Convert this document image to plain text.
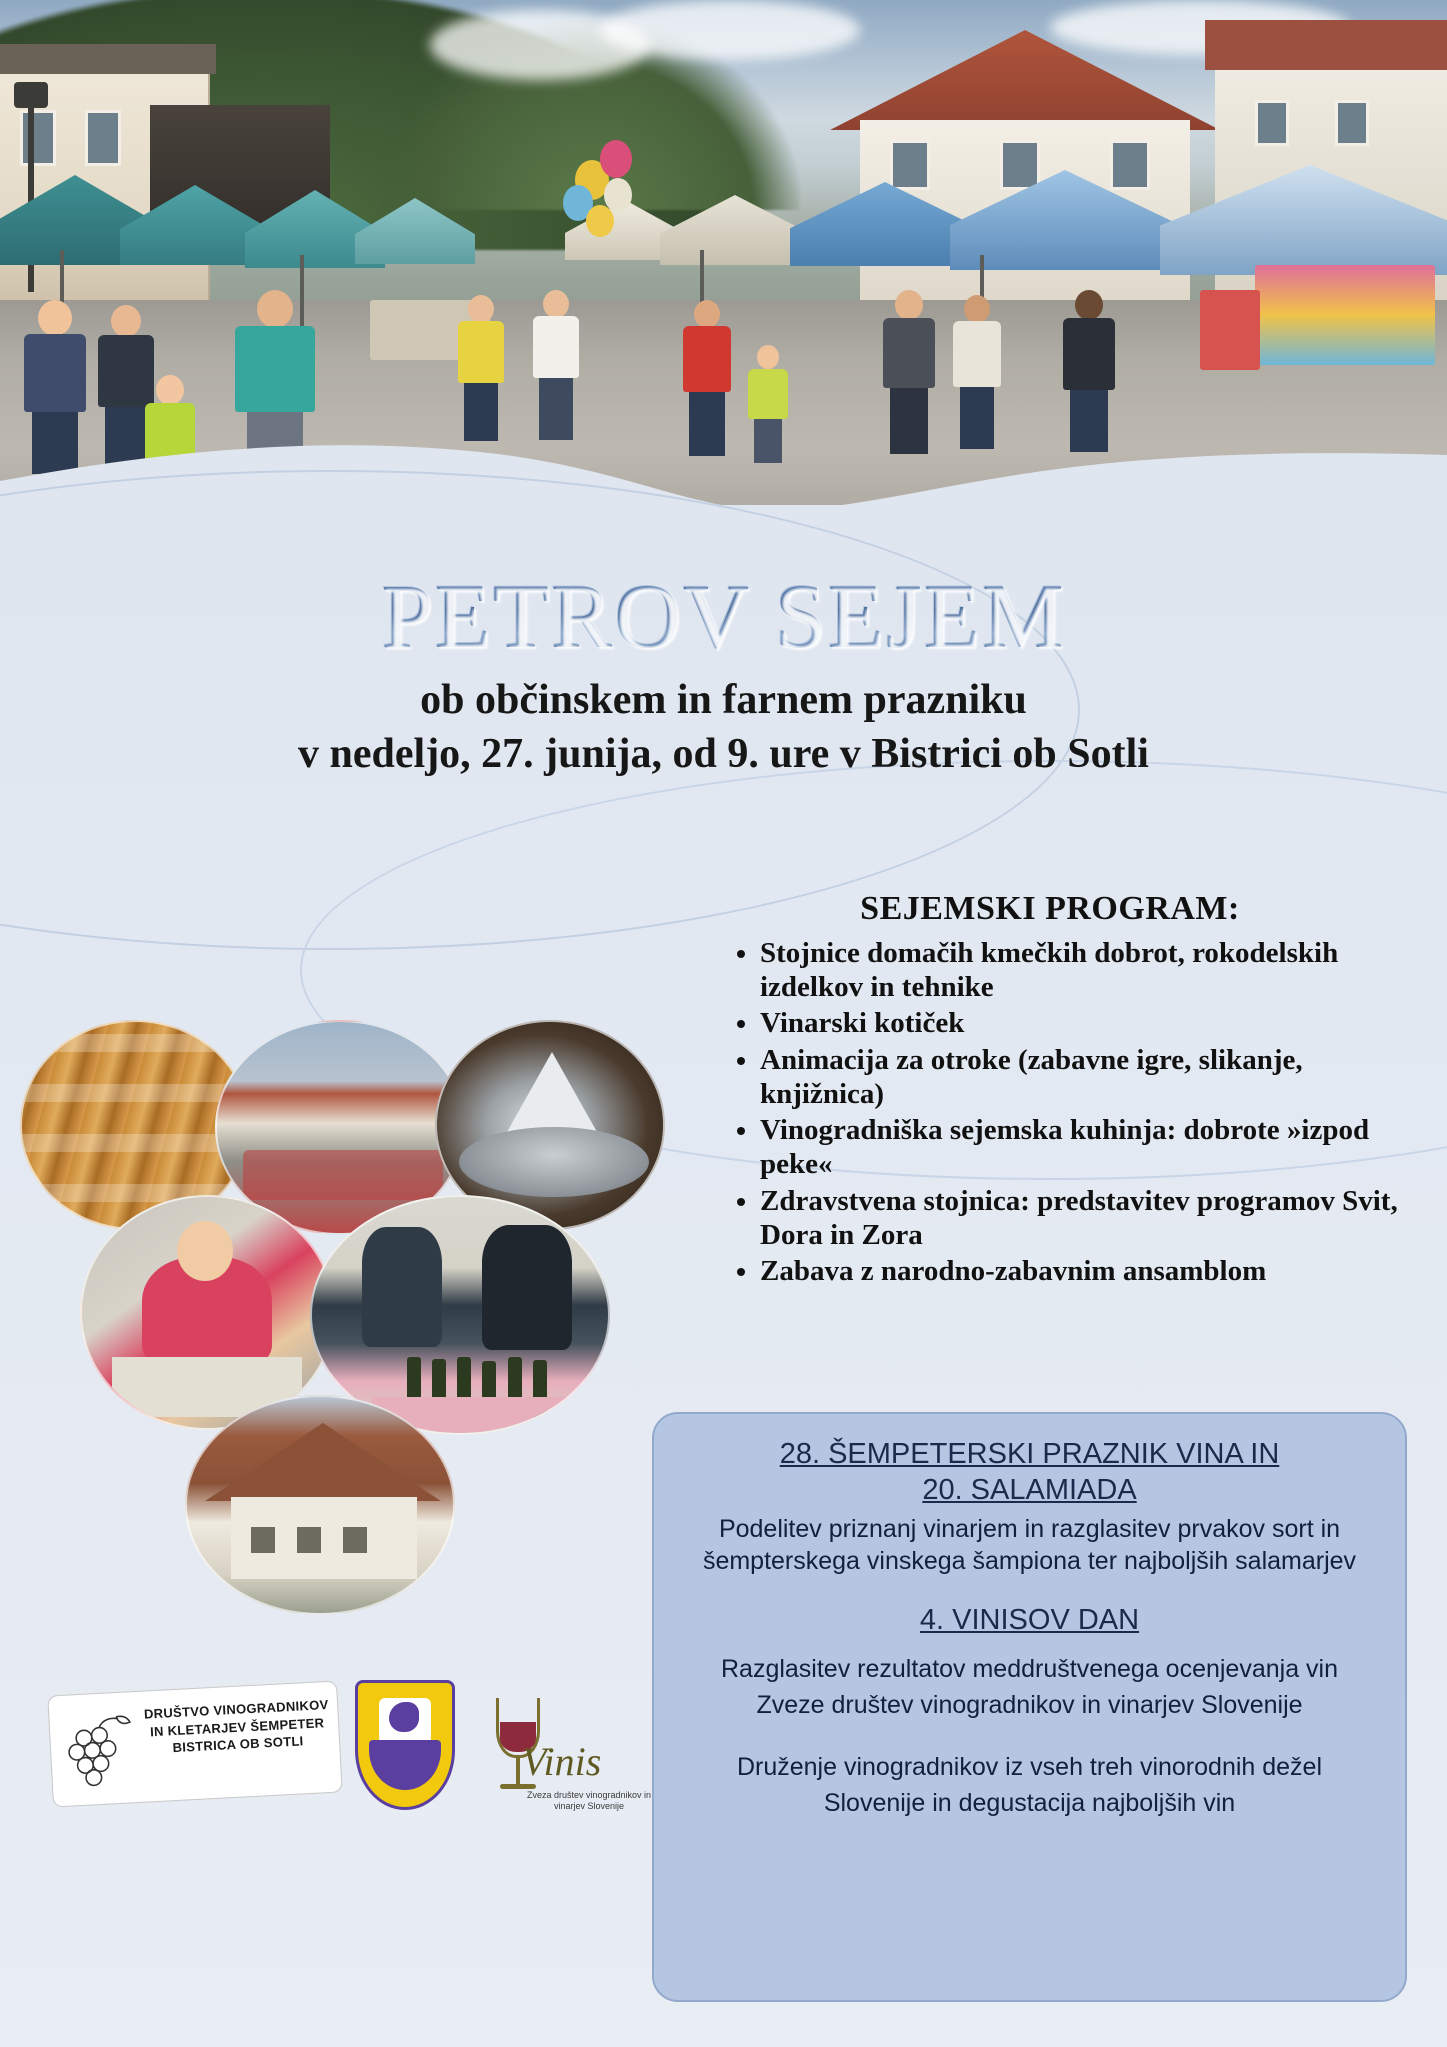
PETROV SEJEM
ob občinskem in farnem prazniku
v nedeljo, 27. junija, od 9. ure v Bistrici ob Sotli
SEJEMSKI PROGRAM:
• Stojnice domačih kmečkih dobrot, rokodelskih izdelkov in tehnike
• Vinarski kotiček
• Animacija za otroke (zabavne igre, slikanje, knjižnica)
• Vinogradniška sejemska kuhinja: dobrote »izpod peke«
• Zdravstvena stojnica: predstavitev programov Svit, Dora in Zora
• Zabava z narodno-zabavnim ansamblom
28. ŠEMPETERSKI PRAZNIK VINA IN
20. SALAMIADA
Podelitev priznanj vinarjem in razglasitev prvakov sort in šempterskega vinskega šampiona ter najboljših salamarjev
4. VINISOV DAN
Razglasitev rezultatov meddruštvenega ocenjevanja vin Zveze društev vinogradnikov in vinarjev Slovenije
Druženje vinogradnikov iz vseh treh vinorodnih dežel Slovenije in degustacija najboljših vin
DRUŠTVO VINOGRADNIKOV IN KLETARJEV ŠEMPETER BISTRICA OB SOTLI	Vinis
Zveza društev vinogradnikov in vinarjev Slovenije
